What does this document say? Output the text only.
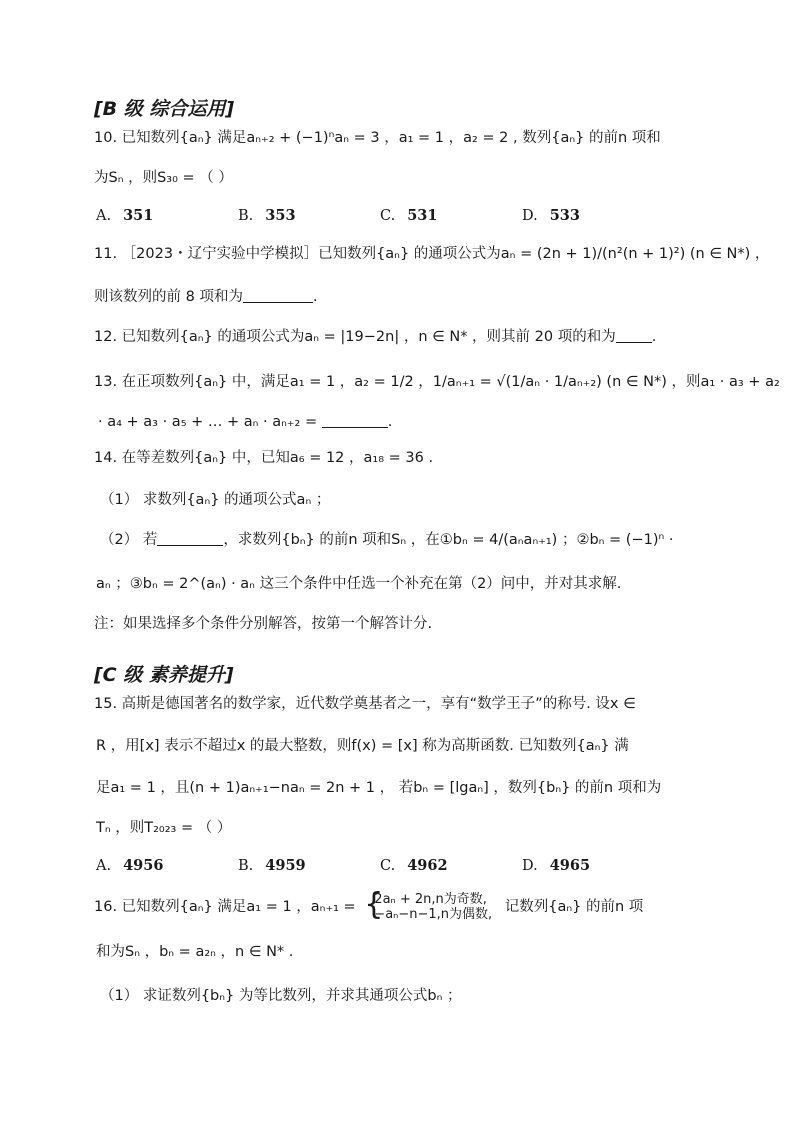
[B 级 综合运用]
10. 已知数列{aₙ} 满足aₙ₊₂ + (−1)ⁿaₙ = 3 ，a₁ = 1 ，a₂ = 2 , 数列{aₙ} 的前n 项和
为Sₙ ，则S₃₀ = （ ）
A. 351	B. 353	C. 531	D. 533
11. ［2023・辽宁实验中学模拟］已知数列{aₙ} 的通项公式为aₙ = (2n + 1)/(n²(n + 1)²) (n ∈ N*) ，
则该数列的前 8 项和为	.
12. 已知数列{aₙ} 的通项公式为aₙ = |19−2n| ，n ∈ N* ，则其前 20 项的和为 .
13. 在正项数列{aₙ} 中，满足a₁ = 1 ，a₂ = 1/2 ，1/aₙ₊₁ = √(1/aₙ · 1/aₙ₊₂) (n ∈ N*) ，则a₁ · a₃ + a₂
· a₄ + a₃ · a₅ + … + aₙ · aₙ₊₂ =	.
14. 在等差数列{aₙ} 中，已知a₆ = 12 ，a₁₈ = 36 .
（1） 求数列{aₙ} 的通项公式aₙ ；
（2） 若	，求数列{bₙ} 的前n 项和Sₙ ，在①bₙ = 4/(aₙaₙ₊₁) ；②bₙ = (−1)ⁿ ·
aₙ ；③bₙ = 2^(aₙ) · aₙ 这三个条件中任选一个补充在第（2）问中，并对其求解.
注：如果选择多个条件分别解答，按第一个解答计分.
[C 级 素养提升]
15. 高斯是德国著名的数学家，近代数学奠基者之一，享有“数学王子”的称号. 设x ∈
R ，用[x] 表示不超过x 的最大整数，则f(x) = [x] 称为高斯函数. 已知数列{aₙ} 满
足a₁ = 1 ，且(n + 1)aₙ₊₁−naₙ = 2n + 1 ， 若bₙ = [lgaₙ] ，数列{bₙ} 的前n 项和为
Tₙ ，则T₂₀₂₃ = （ ）
A. 4956	B. 4959	C. 4962	D. 4965
16. 已知数列{aₙ} 满足a₁ = 1 ，aₙ₊₁ = {
2aₙ + 2n,n为奇数,
−aₙ−n−1,n为偶数, 记数列{aₙ} 的前n 项
和为Sₙ ，bₙ = a₂ₙ ，n ∈ N* .
（1） 求证数列{bₙ} 为等比数列，并求其通项公式bₙ ；
